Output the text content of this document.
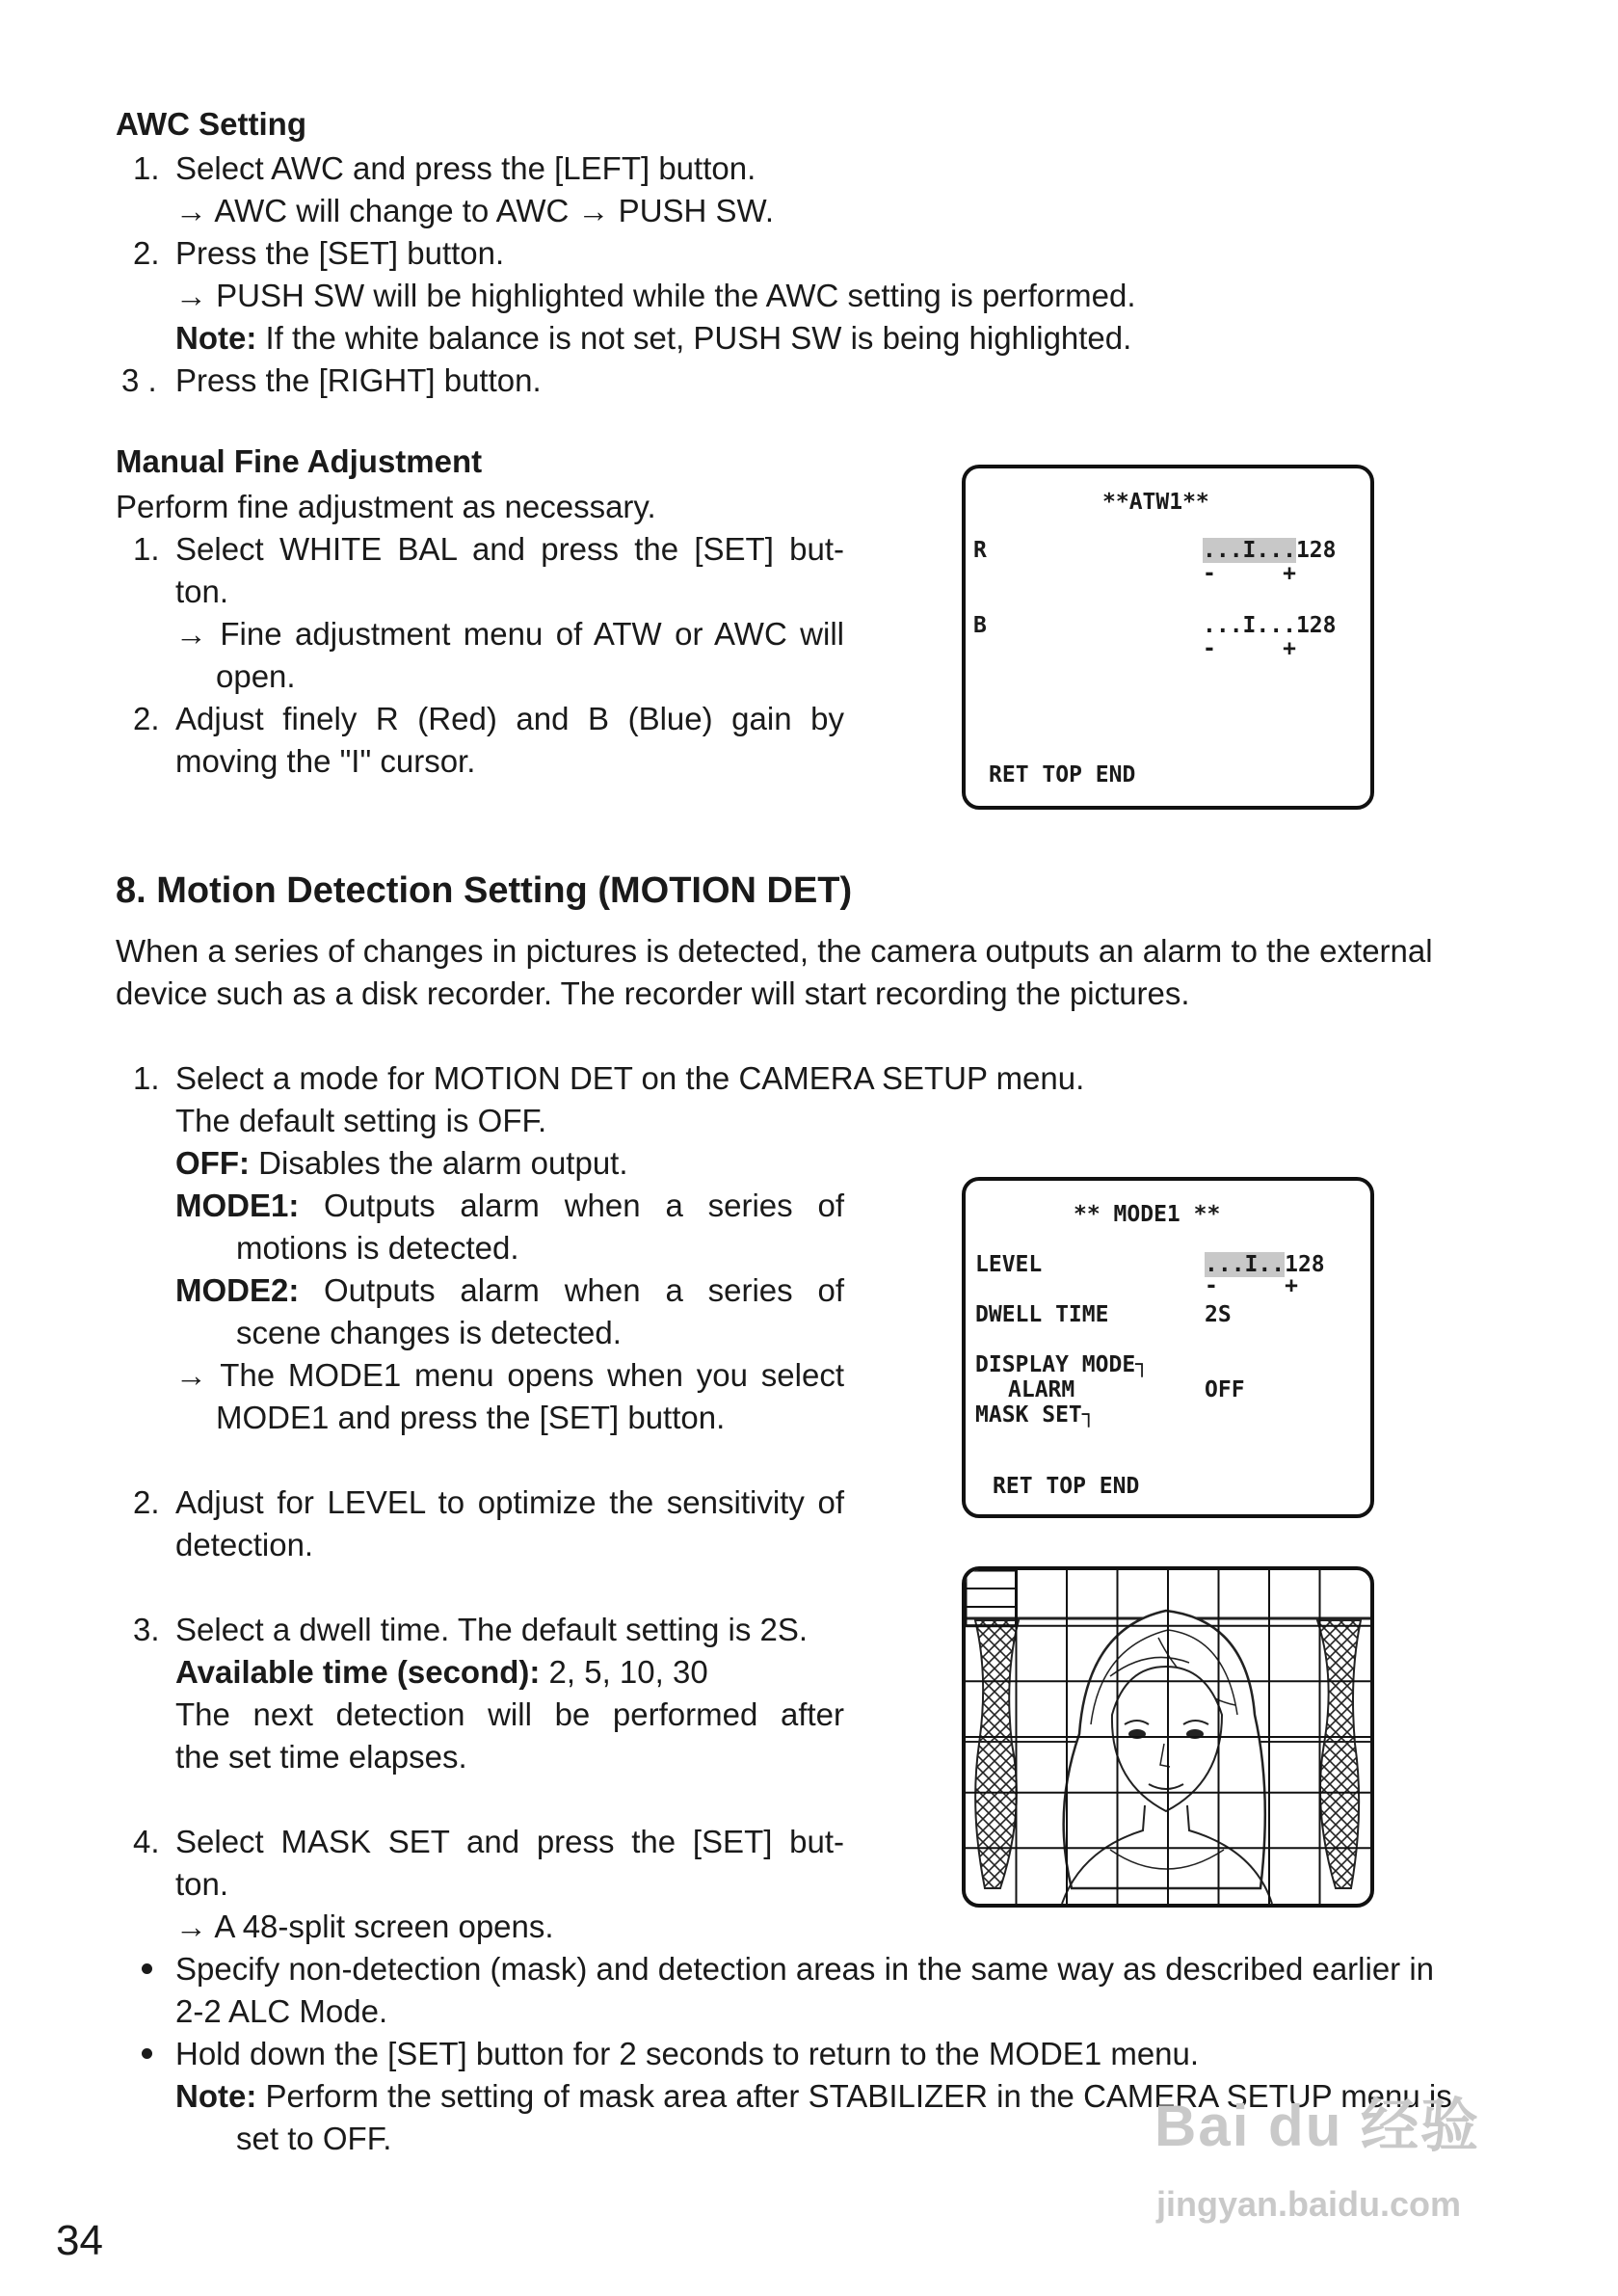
AWC Setting
1. Select AWC and press the [LEFT] button.
→ AWC will change to AWC → PUSH SW.
2. Press the [SET] button.
→ PUSH SW will be highlighted while the AWC setting is performed.
Note: If the white balance is not set, PUSH SW is being highlighted.
3 . Press the [RIGHT] button.
Manual Fine Adjustment
Perform fine adjustment as necessary.
1. Select WHITE BAL and press the [SET] but-
ton.
→ Fine adjustment menu of ATW or AWC will
open.
2. Adjust finely R (Red) and B (Blue) gain by
moving the "I" cursor.
**ATW1**
R	...I...128
-     +
B	...I...128
-     +
RET TOP END
8. Motion Detection Setting (MOTION DET)
When a series of changes in pictures is detected, the camera outputs an alarm to the external
device such as a disk recorder. The recorder will start recording the pictures.
1. Select a mode for MOTION DET on the CAMERA SETUP menu.
The default setting is OFF.
OFF: Disables the alarm output.
MODE1: Outputs alarm when a series of
motions is detected.
MODE2: Outputs alarm when a series of
scene changes is detected.
→ The MODE1 menu opens when you select
MODE1 and press the [SET] button.
2. Adjust for LEVEL to optimize the sensitivity of
detection.
3. Select a dwell time. The default setting is 2S.
Available time (second): 2, 5, 10, 30
The next detection will be performed after
the set time elapses.
4. Select MASK SET and press the [SET] but-
ton.
→ A 48-split screen opens.
Specify non-detection (mask) and detection areas in the same way as described earlier in
2-2 ALC Mode.
Hold down the [SET] button for 2 seconds to return to the MODE1 menu.
Note: Perform the setting of mask area after STABILIZER in the CAMERA SETUP menu is
set to OFF.
** MODE1 **
LEVEL	...I..128
-     +
DWELL TIME	2S
DISPLAY MODE┐
ALARM	OFF
MASK SET┐
RET TOP END
34
Bai du 经验
jingyan.baidu.com
